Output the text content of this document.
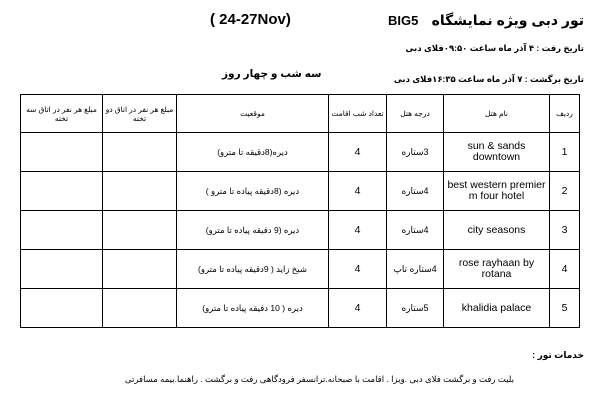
تور دبی ویژه نمایشگاه
BIG5
( 24-27Nov)
تاریخ رفت : ۴ آذر ماه ساعت ۰۹:۵۰فلای دبی
تاریخ برگشت : ۷ آذر ماه ساعت ۱۶:۳۵فلای دبی
سه شب و چهار روز
مبلغ هر نفر در اتاق سه تخته	مبلغ هر نفر در اتاق دو تخته	موقعیت	تعداد شب اقامت	درجه هتل	نام هتل	ردیف
		دیره(8دقیقه تا مترو)	4	3ستاره	sun & sands downtown	1
		دیره (8دقیقه پیاده تا مترو )	4	4ستاره	best western premier m four hotel	2
		دیره (9 دقیقه پیاده تا مترو)	4	4ستاره	city seasons	3
		شیخ زاید ( 9دقیقه پیاده تا مترو)	4	4ستاره تاپ	rose rayhaan by rotana	4
		دیره ( 10 دقیقه پیاده تا مترو)	4	5ستاره	khalidia palace	5
خدمات تور :
بلیت رفت و برگشت فلای دبی .ویزا . اقامت با صبحانه.ترانسفر فرودگاهی رفت و برگشت . راهنما.بیمه مسافرتی
